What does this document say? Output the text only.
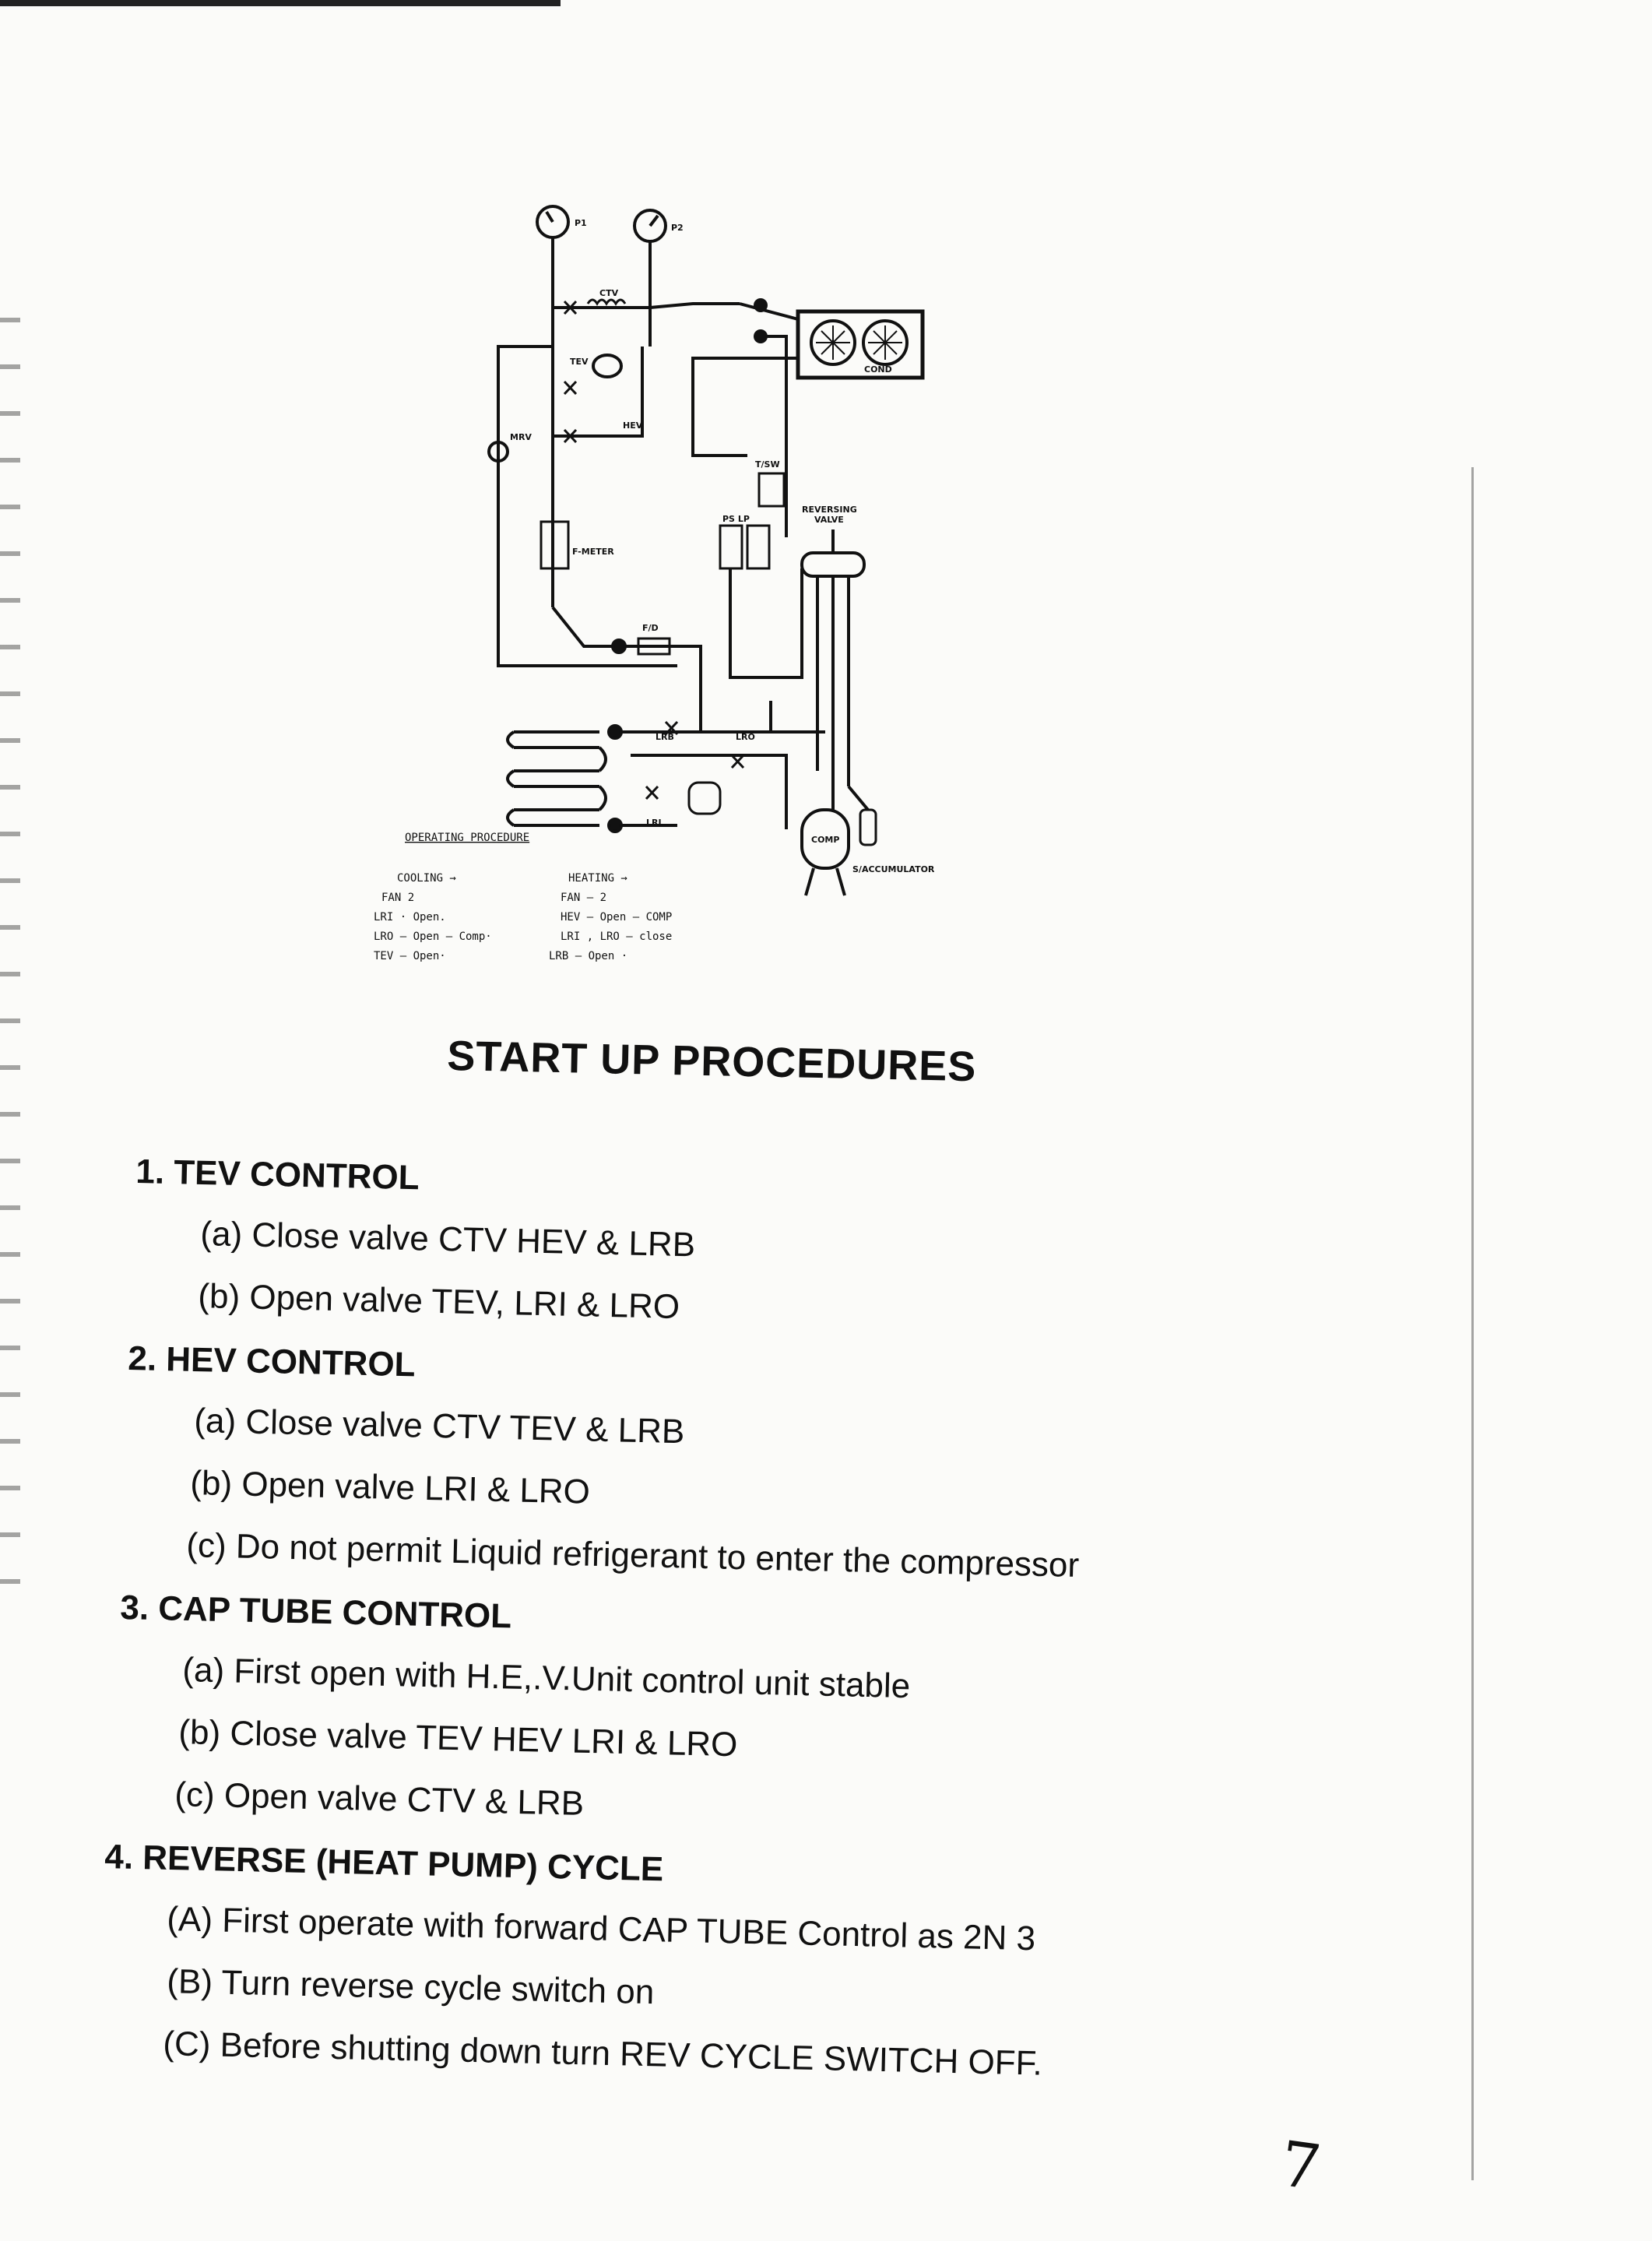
P1	P2
COND
CTV
TEV
HEV
MRV
F-METER
F/D
LRB	LRO
LRI
T/SW
PS LP
REVERSING
VALVE
COMP
S/ACCUMULATOR
OPERATING PROCEDURE
COOLING →
FAN 2
LRI · Open.
LRO – Open – Comp·
TEV – Open·
HEATING →
FAN – 2
HEV – Open – COMP
LRI , LRO – close
LRB – Open ·
START UP PROCEDURES
1. TEV CONTROL
(a) Close valve CTV HEV & LRB
(b) Open valve TEV, LRI & LRO
2. HEV CONTROL
(a) Close valve CTV TEV & LRB
(b) Open valve LRI & LRO
(c) Do not permit Liquid refrigerant to enter the compressor
3. CAP TUBE CONTROL
(a) First open with H.E,.V.Unit control unit stable
(b) Close valve TEV HEV LRI & LRO
(c) Open valve CTV & LRB
4. REVERSE (HEAT PUMP) CYCLE
(A) First operate with forward CAP TUBE Control as 2N 3
(B) Turn reverse cycle switch on
(C) Before shutting down turn REV CYCLE SWITCH OFF.
7
